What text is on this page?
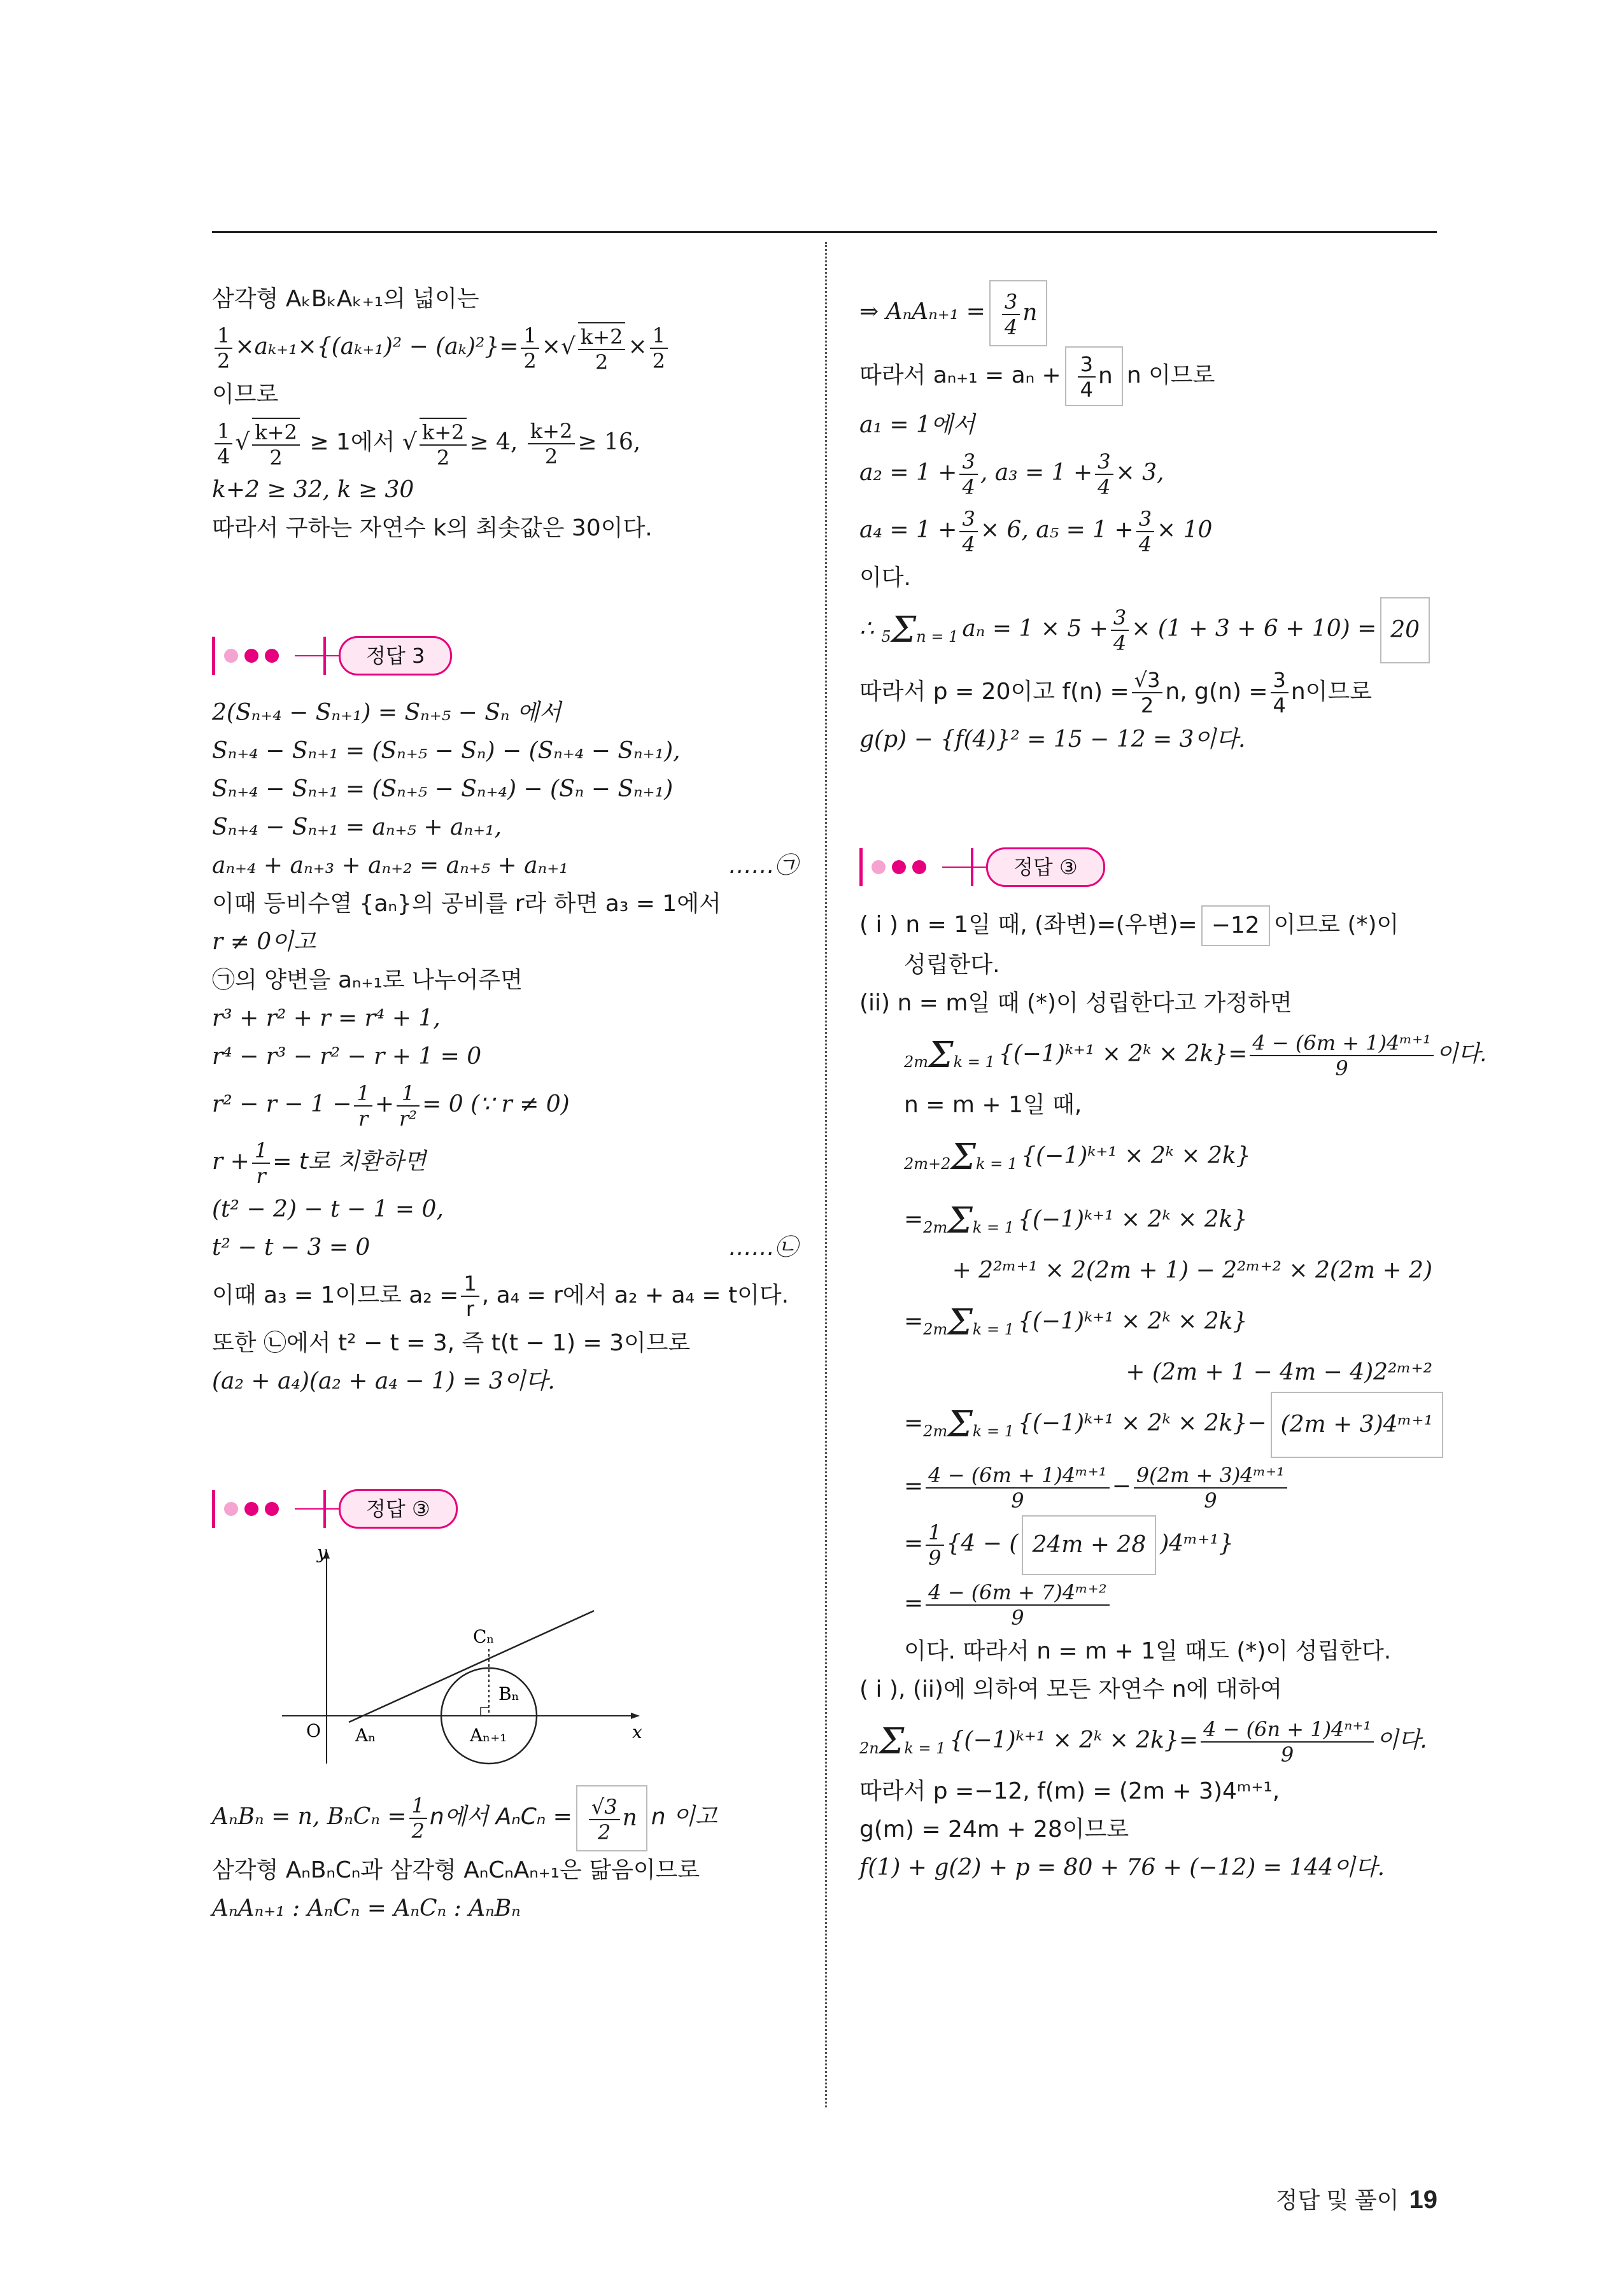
삼각형 AₖBₖAₖ₊₁의 넓이는
$\frac{1}{2} \times a_{k+1}\times\{(a_{k+1})^2 - (a_k)^2\}= \frac{1}{2}$ ×√ $\frac{k+2}{2} \times \frac{1}{2}$
이므로
$\frac{1}{4}$ √ $\frac{k+2}{2} \ge 1$에서 √ $\frac{k+2}{2} \ge 4$, $\frac{k+2}{2} \ge 16$,
k+2 ≥ 32, k ≥ 30
따라서 구하는 자연수 k의 최솟값은 30이다.
정답 3
2(Sₙ₊₄ − Sₙ₊₁) = Sₙ₊₅ − Sₙ 에서
Sₙ₊₄ − Sₙ₊₁ = (Sₙ₊₅ − Sₙ) − (Sₙ₊₄ − Sₙ₊₁),
Sₙ₊₄ − Sₙ₊₁ = (Sₙ₊₅ − Sₙ₊₄) − (Sₙ − Sₙ₊₁)
Sₙ₊₄ − Sₙ₊₁ = aₙ₊₅ + aₙ₊₁,
aₙ₊₄ + aₙ₊₃ + aₙ₊₂ = aₙ₊₅ + aₙ₊₁	……㉠
이때 등비수열 {aₙ}의 공비를 r라 하면 a₃ = 1에서
r ≠ 0이고
㉠의 양변을 aₙ₊₁로 나누어주면
r³ + r² + r = r⁴ + 1,
r⁴ − r³ − r² − r + 1 = 0
$r^2 - r - 1 - \frac{1}{r} + \frac{1}{\text{r²}} = 0$ (∵ r ≠ 0)
$r + \frac{1}{r} = t$로 치환하면
(t² − 2) − t − 1 = 0,
t² − t − 3 = 0	……㉡
이때 a₃ = 1이므로 $a_2 = \frac{1}{r}$ , a₄ = r에서 a₂ + a₄ = t이다.
또한 ㉡에서 t² − t = 3, 즉 t(t − 1) = 3이므로
(a₂ + a₄)(a₂ + a₄ − 1) = 3이다.
정답 ③
y
x
O Aₙ	Aₙ₊₁
Bₙ
Cₙ
AₙBₙ = n, $B_nC_n = \frac{1}{2}$ n에서 $A_nC_n = \frac{√3}{2}$ n n 이고
삼각형 AₙBₙCₙ과 삼각형 AₙCₙAₙ₊₁은 닮음이므로
AₙAₙ₊₁ : AₙCₙ = AₙCₙ : AₙBₙ
⇒ $A_nA_{n+1} = \frac{3}{4}$ n
따라서 $a_{n+1} = a_n + \frac{3}{4}$ n n 이므로
a₁ = 1에서
$a_2 = 1 + \frac{3}{4}$ , $a_3 = 1 + \frac{3}{4} \times 3$,
$a_4 = 1 + \frac{3}{4} \times 6$, $a_5 = 1 + \frac{3}{4} \times 10$
이다.
∴ 5Σn = 1 $a_n = 1 \times 5 + \frac{3}{4} \times (1 + 3 + 6 + 10) = 20$
따라서 p = 20이고 $f(n) = \frac{√3}{2} n$, $g(n) = \frac{3}{4}$ n이므로
g(p) − {f(4)}² = 15 − 12 = 3이다.
정답 ③
( i ) n = 1일 때, (좌변)=(우변)= −12 이므로 (*)이
성립한다.
(ii) n = m일 때 (*)이 성립한다고 가정하면
2mΣk = 1 {(−1)ᵏ⁺¹ × 2ᵏ × $2k\}= \frac{\text{4 − (6m + 1)4ᵐ⁺¹}}{9}$ 이다.
n = m + 1일 때,
2m+2Σk = 1 {(−1)ᵏ⁺¹ × 2ᵏ × 2k}
=2mΣk = 1 {(−1)ᵏ⁺¹ × 2ᵏ × 2k}
+ 2²ᵐ⁺¹ × 2(2m + 1) − 2²ᵐ⁺² × 2(2m + 2)
=2mΣk = 1 {(−1)ᵏ⁺¹ × 2ᵏ × 2k}
+ (2m + 1 − 4m − 4)2²ᵐ⁺²
=2mΣk = 1 {(−1)ᵏ⁺¹ × 2ᵏ × 2k}− (2m + 3)4ᵐ⁺¹
= $\frac{\text{4 − (6m + 1)4ᵐ⁺¹}}{9} - \frac{\text{9(2m + 3)4ᵐ⁺¹}}{9}$
= $\frac{1}{9} \{4$ − ( 24m + 28 )4ᵐ⁺¹}
= $\frac{\text{4 − (6m + 7)4ᵐ⁺²}}{9}$
이다. 따라서 n = m + 1일 때도 (*)이 성립한다.
( i ), (ii)에 의하여 모든 자연수 n에 대하여
2nΣk = 1 {(−1)ᵏ⁺¹ × 2ᵏ × $2k\}= \frac{\text{4 − (6n + 1)4ⁿ⁺¹}}{9}$ 이다.
따라서 p =−12, f(m) = (2m + 3)4ᵐ⁺¹,
g(m) = 24m + 28이므로
f(1) + g(2) + p = 80 + 76 + (−12) = 144이다.
정답 및 풀이 19
